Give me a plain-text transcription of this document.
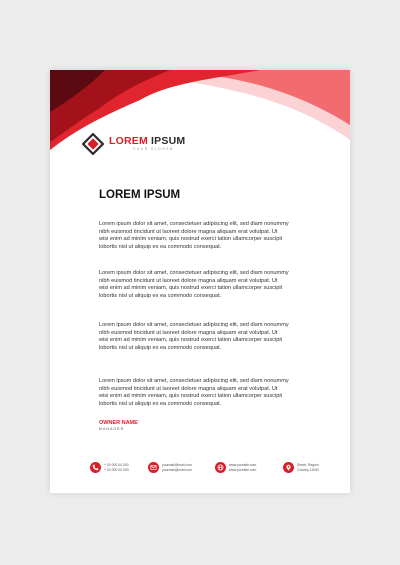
LOREM IPSUM
YOUR SLOGAN
LOREM IPSUM

Lorem ipsum dolor sit amet, consectetuer adipiscing elit, sed diam nonummy
nibh euismod tincidunt ut laoreet dolore magna aliquam erat volutpat. Ut
wisi enim ad minim veniam, quis nostrud exerci tation ullamcorper suscipit
lobortis nisl ut aliquip ex ea commodo consequat.

Lorem ipsum dolor sit amet, consectetuer adipiscing elit, sed diam nonummy
nibh euismod tincidunt ut laoreet dolore magna aliquam erat volutpat. Ut
wisi enim ad minim veniam, quis nostrud exerci tation ullamcorper suscipit
lobortis nisl ut aliquip ex ea commodo consequat.

Lorem ipsum dolor sit amet, consectetuer adipiscing elit, sed diam nonummy
nibh euismod tincidunt ut laoreet dolore magna aliquam erat volutpat. Ut
wisi enim ad minim veniam, quis nostrud exerci tation ullamcorper suscipit
lobortis nisl ut aliquip ex ea commodo consequat.

Lorem ipsum dolor sit amet, consectetuer adipiscing elit, sed diam nonummy
nibh euismod tincidunt ut laoreet dolore magna aliquam erat volutpat. Ut
wisi enim ad minim veniam, quis nostrud exerci tation ullamcorper suscipit
lobortis nisl ut aliquip ex ea commodo consequat.

OWNER NAME
MANAGER
+ 00 000 00 000
+ 00 000 00 000
yourmail@mail.com
yourmail@mail.com
www.yoursite.com
www.yoursite.com
Street, Region
Country 11000
